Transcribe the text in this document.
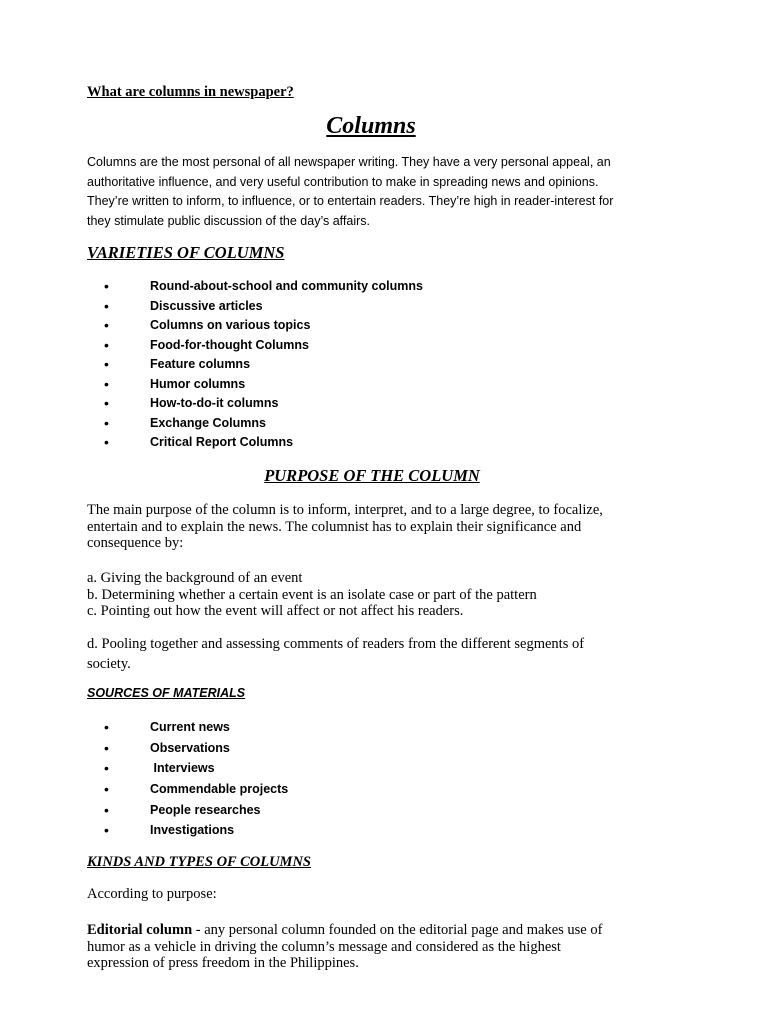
What are columns in newspaper?

Columns
Columns are the most personal of all newspaper writing. They have a very personal appeal, an
authoritative influence, and very useful contribution to make in spreading news and opinions.
They’re written to inform, to influence, or to entertain readers. They’re high in reader-interest for
they stimulate public discussion of the day’s affairs.
VARIETIES OF COLUMNS
•	Round-about-school and community columns
•	Discussive articles
•	Columns on various topics
•	Food-for-thought Columns
•	Feature columns
•	Humor columns
•	How-to-do-it columns
•	Exchange Columns
•	Critical Report Columns
PURPOSE OF THE COLUMN
The main purpose of the column is to inform, interpret, and to a large degree, to focalize,
entertain and to explain the news. The columnist has to explain their significance and
consequence by:
a. Giving the background of an event
b. Determining whether a certain event is an isolate case or part of the pattern
c. Pointing out how the event will affect or not affect his readers.
d. Pooling together and assessing comments of readers from the different segments of
society.
SOURCES OF MATERIALS
•	Current news
•	Observations
•	Interviews
•	Commendable projects
•	People researches
•	Investigations
KINDS AND TYPES OF COLUMNS

According to purpose:

Editorial column - any personal column founded on the editorial page and makes use of
humor as a vehicle in driving the column’s message and considered as the highest
expression of press freedom in the Philippines.
